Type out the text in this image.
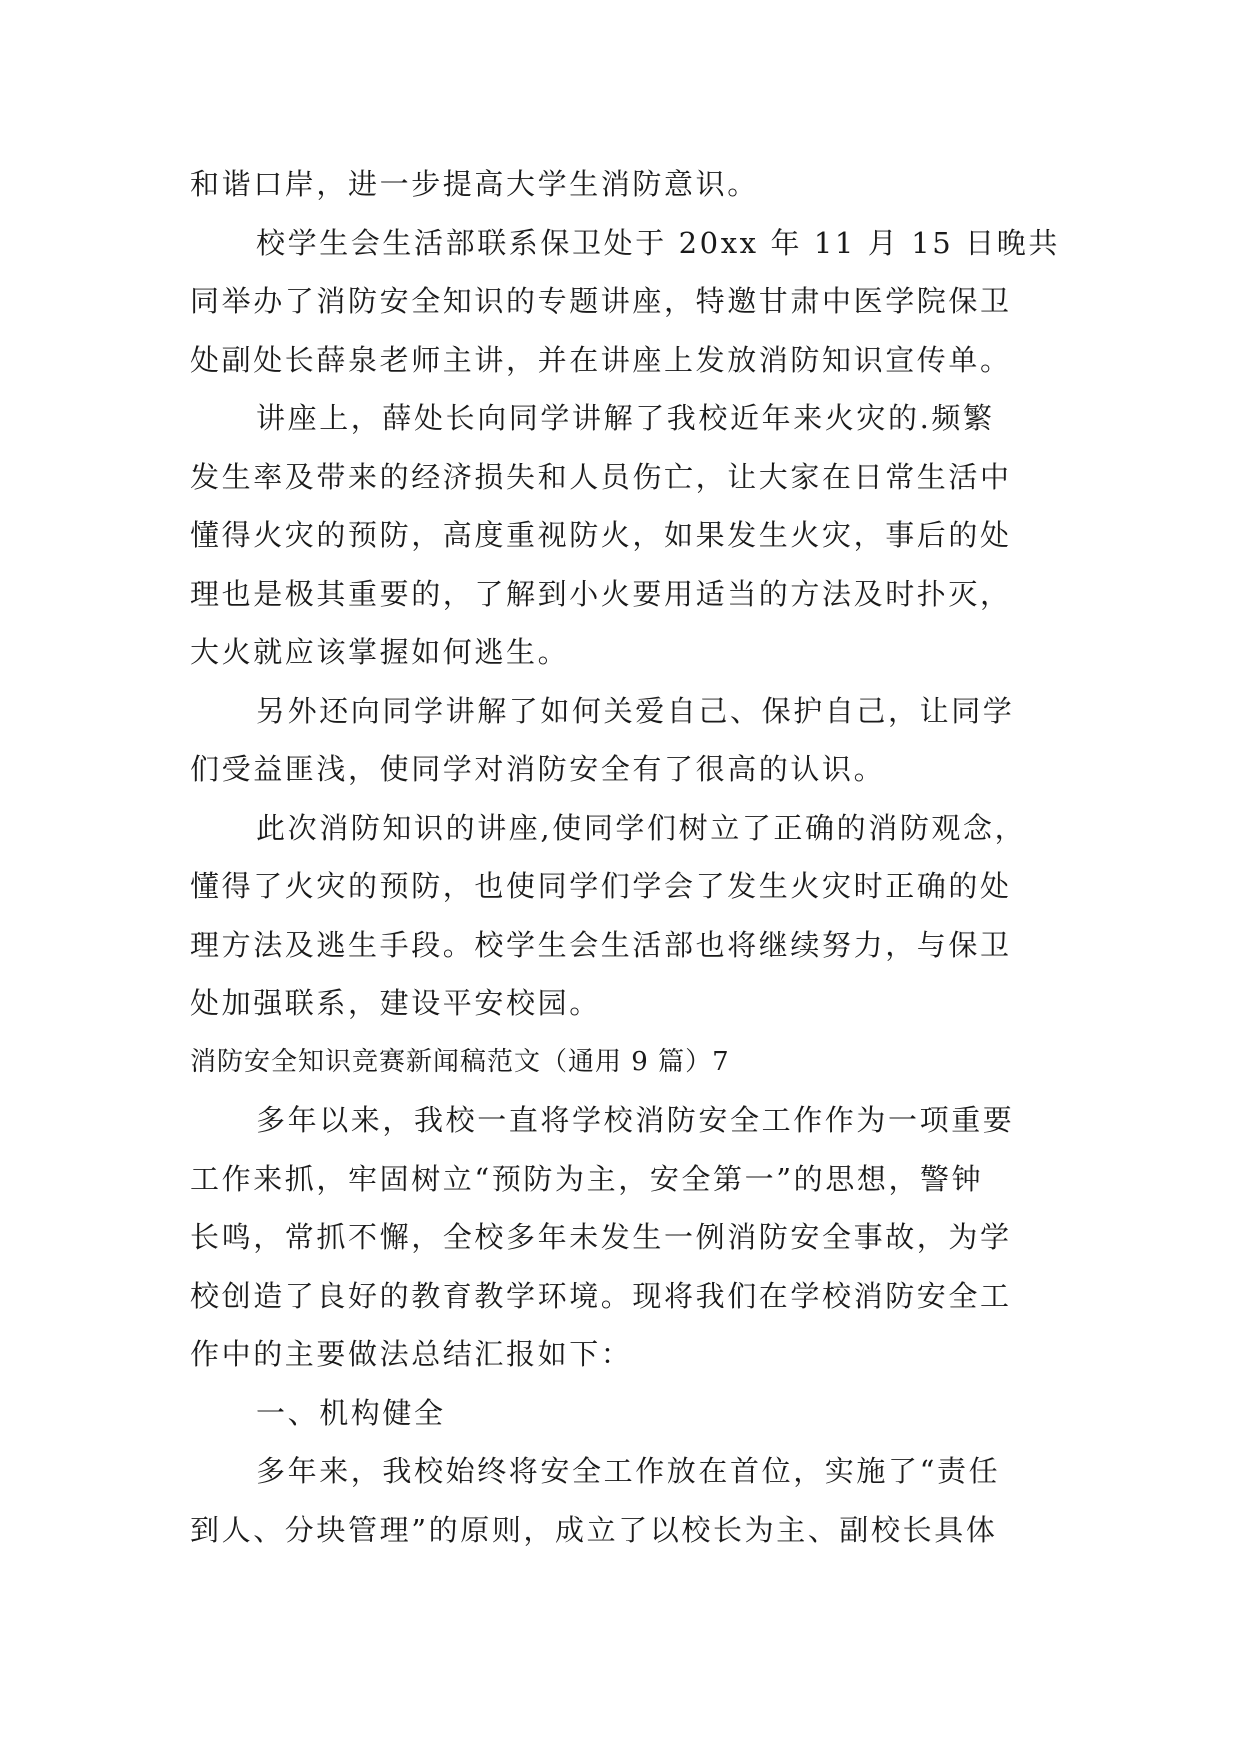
和谐口岸，进一步提高大学生消防意识。
校学生会生活部联系保卫处于 20xx 年 11 月 15 日晚共
同举办了消防安全知识的专题讲座，特邀甘肃中医学院保卫
处副处长薛泉老师主讲，并在讲座上发放消防知识宣传单。
讲座上，薛处长向同学讲解了我校近年来火灾的.频繁
发生率及带来的经济损失和人员伤亡，让大家在日常生活中
懂得火灾的预防，高度重视防火，如果发生火灾，事后的处
理也是极其重要的，了解到小火要用适当的方法及时扑灭，
大火就应该掌握如何逃生。
另外还向同学讲解了如何关爱自己、保护自己，让同学
们受益匪浅，使同学对消防安全有了很高的认识。
此次消防知识的讲座,使同学们树立了正确的消防观念，
懂得了火灾的预防，也使同学们学会了发生火灾时正确的处
理方法及逃生手段。校学生会生活部也将继续努力，与保卫
处加强联系，建设平安校园。
消防安全知识竞赛新闻稿范文（通用 9 篇）7
多年以来，我校一直将学校消防安全工作作为一项重要
工作来抓，牢固树立“预防为主，安全第一”的思想，警钟
长鸣，常抓不懈，全校多年未发生一例消防安全事故，为学
校创造了良好的教育教学环境。现将我们在学校消防安全工
作中的主要做法总结汇报如下：
一、机构健全
多年来，我校始终将安全工作放在首位，实施了“责任
到人、分块管理”的原则，成立了以校长为主、副校长具体
